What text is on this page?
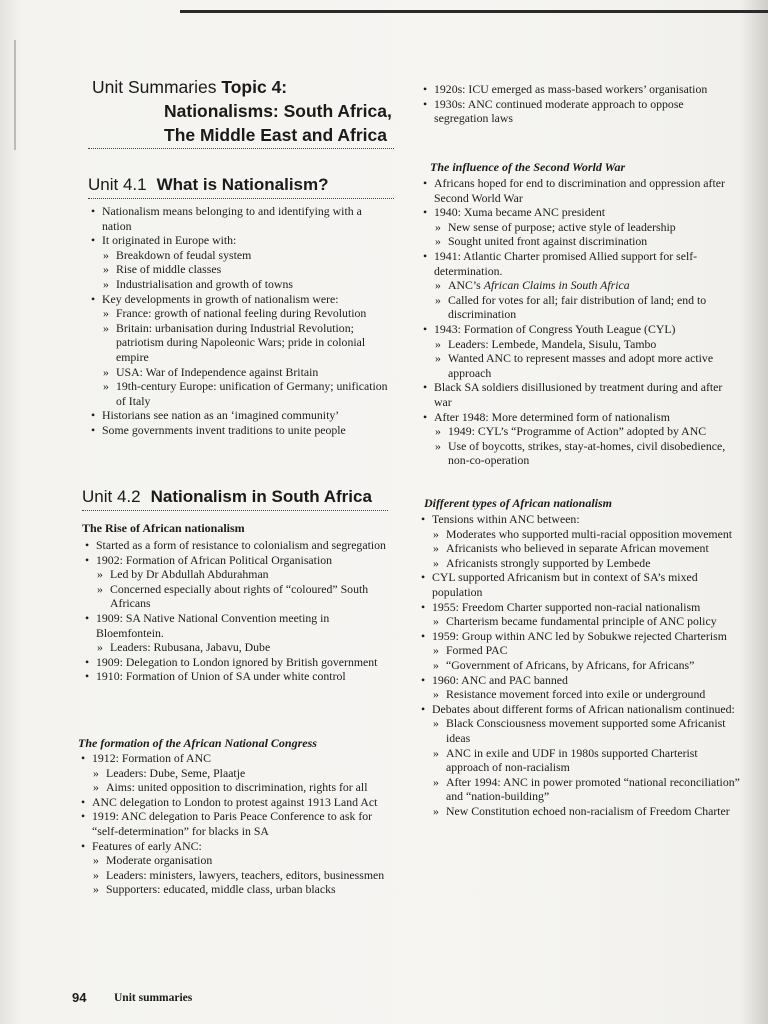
Unit Summaries Topic 4:
Nationalisms: South Africa,
The Middle East and Africa
Unit 4.1 What is Nationalism?
• Nationalism means belonging to and identifying with a nation
• It originated in Europe with:
» Breakdown of feudal system
» Rise of middle classes
» Industrialisation and growth of towns
• Key developments in growth of nationalism were:
» France: growth of national feeling during Revolution
» Britain: urbanisation during Industrial Revolution; patriotism during Napoleonic Wars; pride in colonial empire
» USA: War of Independence against Britain
» 19th-century Europe: unification of Germany; unification of Italy
• Historians see nation as an ‘imagined community’
• Some governments invent traditions to unite people
Unit 4.2 Nationalism in South Africa
The Rise of African nationalism
• Started as a form of resistance to colonialism and segregation
• 1902: Formation of African Political Organisation
» Led by Dr Abdullah Abdurahman
» Concerned especially about rights of “coloured” South Africans
• 1909: SA Native National Convention meeting in Bloemfontein.
» Leaders: Rubusana, Jabavu, Dube
• 1909: Delegation to London ignored by British government
• 1910: Formation of Union of SA under white control
The formation of the African National Congress
• 1912: Formation of ANC
» Leaders: Dube, Seme, Plaatje
» Aims: united opposition to discrimination, rights for all
• ANC delegation to London to protest against 1913 Land Act
• 1919: ANC delegation to Paris Peace Conference to ask for “self-determination” for blacks in SA
• Features of early ANC:
» Moderate organisation
» Leaders: ministers, lawyers, teachers, editors, businessmen
» Supporters: educated, middle class, urban blacks
• 1920s: ICU emerged as mass-based workers’ organisation
• 1930s: ANC continued moderate approach to oppose segregation laws
The influence of the Second World War
• Africans hoped for end to discrimination and oppression after Second World War
• 1940: Xuma became ANC president
» New sense of purpose; active style of leadership
» Sought united front against discrimination
• 1941: Atlantic Charter promised Allied support for self-determination.
» ANC’s African Claims in South Africa
» Called for votes for all; fair distribution of land; end to discrimination
• 1943: Formation of Congress Youth League (CYL)
» Leaders: Lembede, Mandela, Sisulu, Tambo
» Wanted ANC to represent masses and adopt more active approach
• Black SA soldiers disillusioned by treatment during and after war
• After 1948: More determined form of nationalism
» 1949: CYL’s “Programme of Action” adopted by ANC
» Use of boycotts, strikes, stay-at-homes, civil disobedience, non-co-operation
Different types of African nationalism
• Tensions within ANC between:
» Moderates who supported multi-racial opposition movement
» Africanists who believed in separate African movement
» Africanists strongly supported by Lembede
• CYL supported Africanism but in context of SA’s mixed population
• 1955: Freedom Charter supported non-racial nationalism
» Charterism became fundamental principle of ANC policy
• 1959: Group within ANC led by Sobukwe rejected Charterism
» Formed PAC
» “Government of Africans, by Africans, for Africans”
• 1960: ANC and PAC banned
» Resistance movement forced into exile or underground
• Debates about different forms of African nationalism continued:
» Black Consciousness movement supported some Africanist ideas
» ANC in exile and UDF in 1980s supported Charterist approach of non-racialism
» After 1994: ANC in power promoted “national reconciliation” and “nation-building”
» New Constitution echoed non-racialism of Freedom Charter
94 Unit summaries
